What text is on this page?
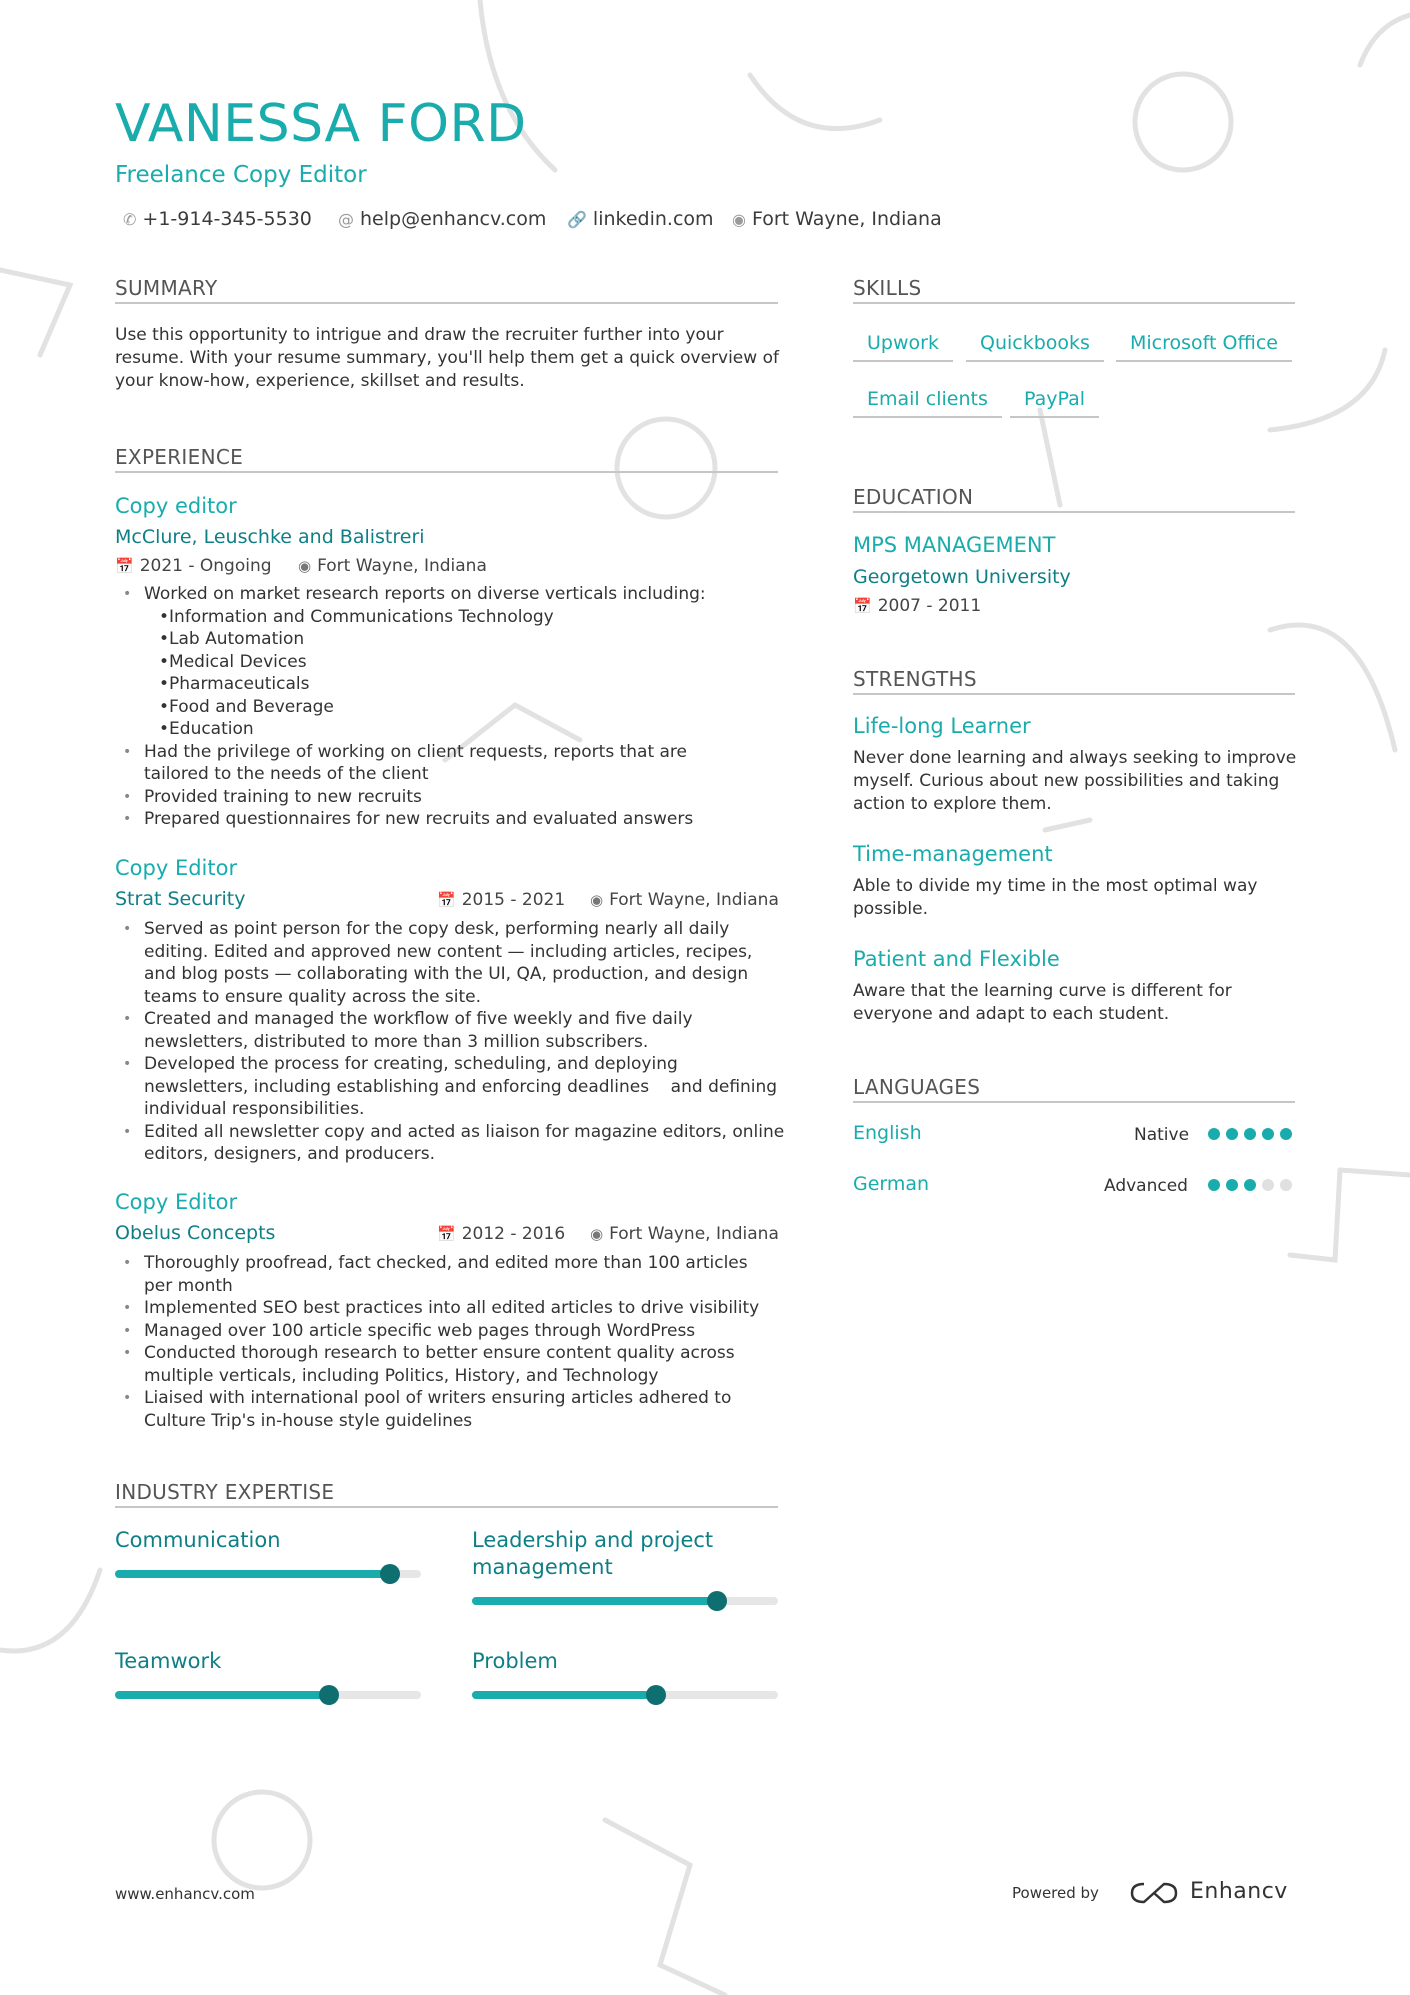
VANESSA FORD
Freelance Copy Editor
✆ +1-914-345-5530 @ help@enhancv.com 🔗 linkedin.com ◉ Fort Wayne, Indiana
SUMMARY
Use this opportunity to intrigue and draw the recruiter further into your
resume. With your resume summary, you'll help them get a quick overview of
your know-how, experience, skillset and results.
EXPERIENCE
Copy editor
McClure, Leuschke and Balistreri
📅 2021 - Ongoing ◉ Fort Wayne, Indiana
• Worked on market research reports on diverse verticals including:
• Information and Communications Technology
• Lab Automation
• Medical Devices
• Pharmaceuticals
• Food and Beverage
• Education
• Had the privilege of working on client requests, reports that are
tailored to the needs of the client
• Provided training to new recruits
• Prepared questionnaires for new recruits and evaluated answers
Copy Editor
Strat Security	📅 2015 - 2021 ◉ Fort Wayne, Indiana
• Served as point person for the copy desk, performing nearly all daily
editing. Edited and approved new content — including articles, recipes,
and blog posts — collaborating with the UI, QA, production, and design
teams to ensure quality across the site.
• Created and managed the workflow of five weekly and five daily
newsletters, distributed to more than 3 million subscribers.
• Developed the process for creating, scheduling, and deploying
newsletters, including establishing and enforcing deadlines    and defining
individual responsibilities.
• Edited all newsletter copy and acted as liaison for magazine editors, online
editors, designers, and producers.
Copy Editor
Obelus Concepts	📅 2012 - 2016 ◉ Fort Wayne, Indiana
• Thoroughly proofread, fact checked, and edited more than 100 articles
per month
• Implemented SEO best practices into all edited articles to drive visibility
• Managed over 100 article specific web pages through WordPress
• Conducted thorough research to better ensure content quality across
multiple verticals, including Politics, History, and Technology
• Liaised with international pool of writers ensuring articles adhered to
Culture Trip's in-house style guidelines
INDUSTRY EXPERTISE
Communication	Leadership and project management
Teamwork	Problem
SKILLS
Upwork	Quickbooks	Microsoft Office
Email clients	PayPal
EDUCATION
MPS MANAGEMENT
Georgetown University
📅 2007 - 2011
STRENGTHS
Life-long Learner
Never done learning and always seeking to improve
myself. Curious about new possibilities and taking
action to explore them.
Time-management
Able to divide my time in the most optimal way
possible.
Patient and Flexible
Aware that the learning curve is different for
everyone and adapt to each student.
LANGUAGES
English	Native
German	Advanced
www.enhancv.com	Powered by	Enhancv
